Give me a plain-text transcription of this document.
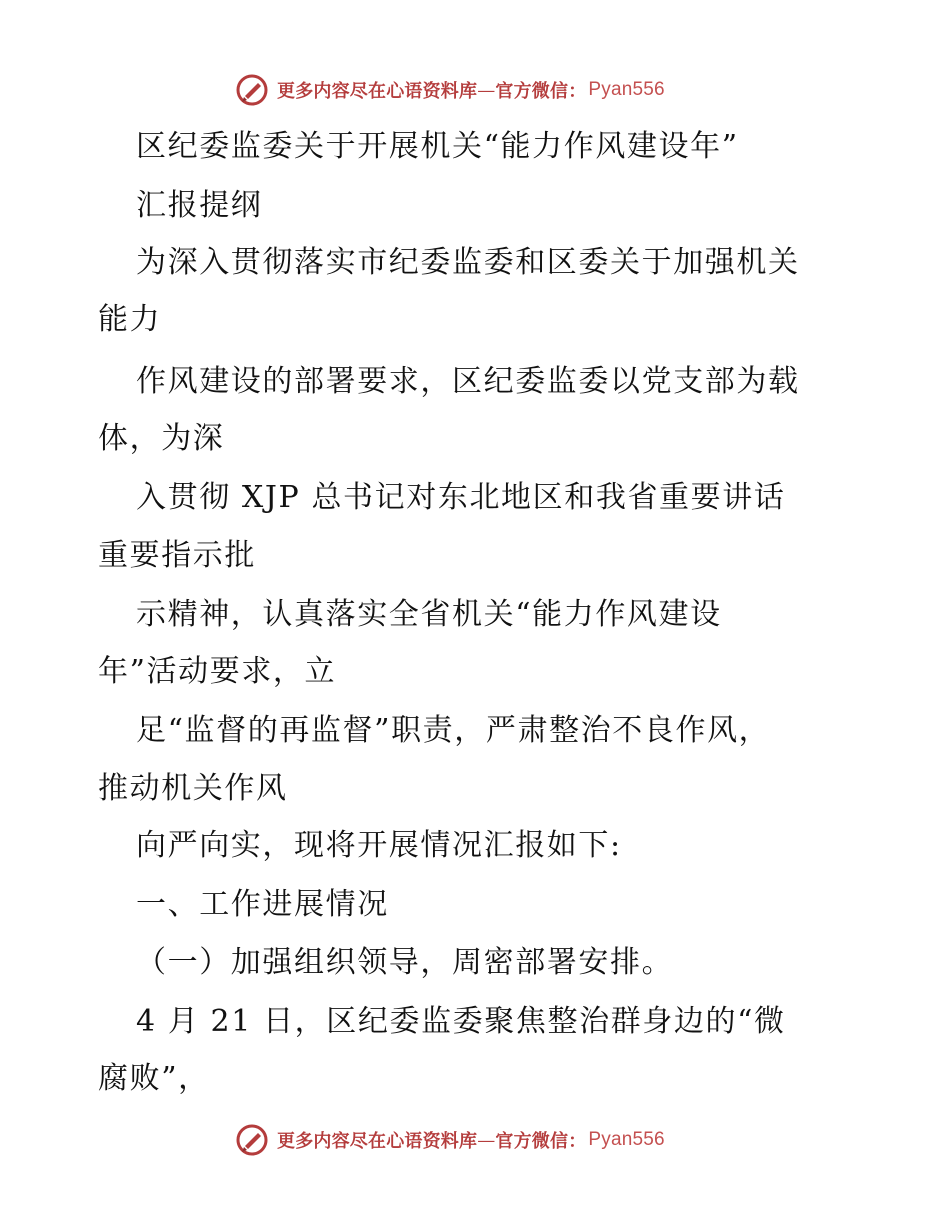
更多内容尽在心语资料库 — 官方微信： Pyan556
区纪委监委关于开展机关“能力作风建设年”
汇报提纲
为深入贯彻落实市纪委监委和区委关于加强机关
能力
作风建设的部署要求，区纪委监委以党支部为载
体，为深
入贯彻 XJP 总书记对东北地区和我省重要讲话
重要指示批
示精神，认真落实全省机关“能力作风建设
年”活动要求，立
足“监督的再监督”职责，严肃整治不良作风，
推动机关作风
向严向实，现将开展情况汇报如下:
一、工作进展情况
（一）加强组织领导，周密部署安排。
4 月 21 日，区纪委监委聚焦整治群身边的“微
腐败”，
更多内容尽在心语资料库 — 官方微信： Pyan556
